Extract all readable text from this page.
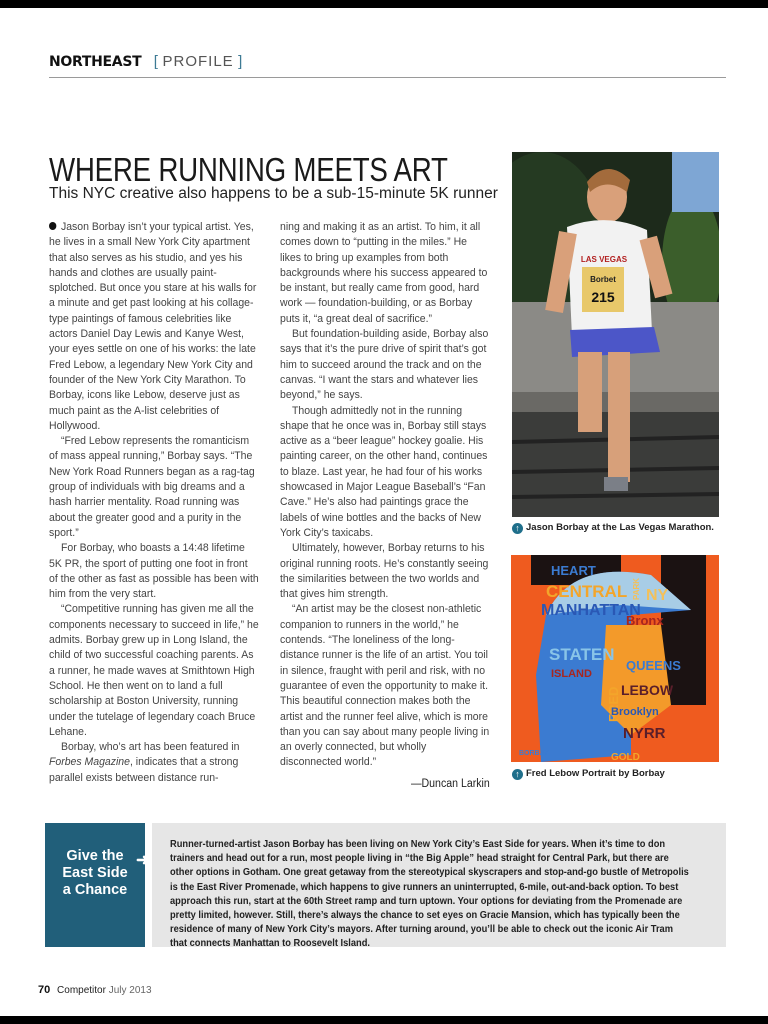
NORTHEAST [ PROFILE ]
WHERE RUNNING MEETS ART
This NYC creative also happens to be a sub-15-minute 5K runner

Jason Borbay isn’t your typical artist. Yes, he lives in a small New York City apartment that also serves as his studio, and yes his hands and clothes are usually paint-splotched. But once you stare at his walls for a minute and get past looking at his collage-type paintings of famous celebrities like actors Daniel Day Lewis and Kanye West, your eyes settle on one of his works: the late Fred Lebow, a legendary New York City and founder of the New York City Marathon. To Borbay, icons like Lebow, deserve just as much paint as the A-list celebrities of Hollywood.

“Fred Lebow represents the romanticism of mass appeal running,” Borbay says. “The New York Road Runners began as a rag-tag group of individuals with big dreams and a hash harrier mentality. Road running was about the greater good and a purity in the sport.”

For Borbay, who boasts a 14:48 lifetime 5K PR, the sport of putting one foot in front of the other as fast as possible has been with him from the very start.

“Competitive running has given me all the components necessary to succeed in life,” he admits. Borbay grew up in Long Island, the child of two successful coaching parents. As a runner, he made waves at Smithtown High School. He then went on to land a full scholarship at Boston University, running under the tutelage of legendary coach Bruce Lehane.

Borbay, who’s art has been featured in Forbes Magazine, indicates that a strong parallel exists between distance run-

ning and making it as an artist. To him, it all comes down to “putting in the miles.” He likes to bring up examples from both backgrounds where his success appeared to be instant, but really came from good, hard work — foundation-building, or as Borbay puts it, “a great deal of sacrifice.”

But foundation-building aside, Borbay also says that it’s the pure drive of spirit that’s got him to succeed around the track and on the canvas. “I want the stars and whatever lies beyond,” he says.

Though admittedly not in the running shape that he once was in, Borbay still stays active as a “beer league” hockey goalie. His painting career, on the other hand, continues to blaze. Last year, he had four of his works showcased in Major League Baseball’s “Fan Cave.” He’s also had paintings grace the labels of wine bottles and the backs of New York City’s taxicabs.

Ultimately, however, Borbay returns to his original running roots. He’s constantly seeing the similarities between the two worlds and that gives him strength.

“An artist may be the closest non-athletic companion to runners in the world,” he contends. “The loneliness of the long-distance runner is the life of an artist. You toil in silence, fraught with peril and risk, with no guarantee of even the opportunity to make it. This beautiful connection makes both the artist and the runner feel alive, which is more than you can say about many people living in an overly connected, but wholly disconnected world.”

—Duncan Larkin
Borbet
215
LAS VEGAS
↑ Jason Borbay at the Las Vegas Marathon.
HEART
CENTRAL PARK
MANHATTAN
NY
Bronx
STATEN
ISLAND
QUEENS
FRED LEBOW
Brooklyn
NYRR
GOLD
BORBAY
↑ Fred Lebow Portrait by Borbay
Give the
East Side
a Chance
➜
Runner-turned-artist Jason Borbay has been living on New York City’s East Side for years. When it’s time to don trainers and head out for a run, most people living in “the Big Apple” head straight for Central Park, but there are other options in Gotham. One great getaway from the stereotypical skyscrapers and stop-and-go bustle of Metropolis is the East River Promenade, which happens to give runners an uninterrupted, 6-mile, out-and-back option. To best approach this run, start at the 60th Street ramp and turn uptown. Your options for deviating from the Promenade are pretty limited, however. Still, there’s always the chance to set eyes on Gracie Mansion, which has typically been the residence of many of New York City’s mayors. After turning around, you’ll be able to check out the iconic Air Tram that connects Manhattan to Roosevelt Island.
70 Competitor July 2013
